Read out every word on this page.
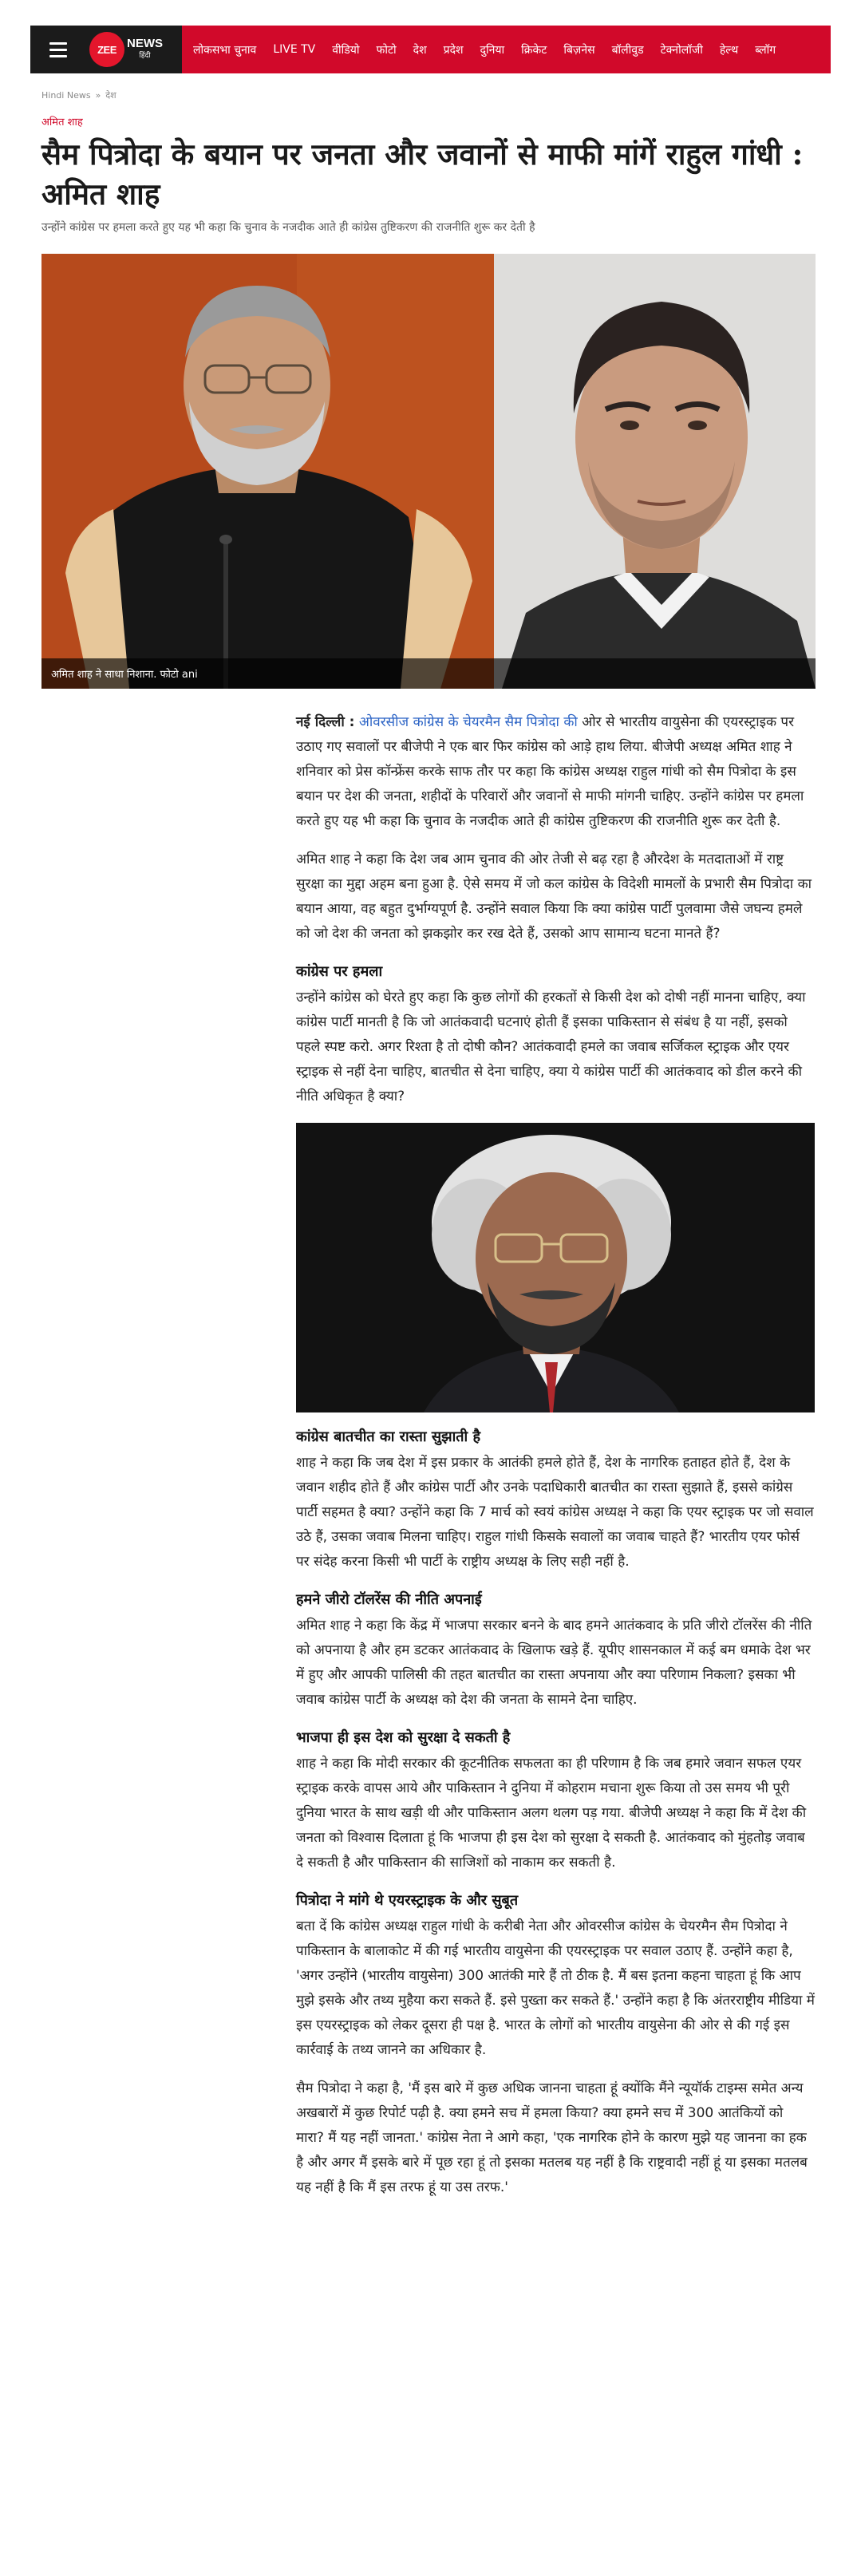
ZEE NEWS
हिंदी	लोकसभा चुनाव LIVE TV वीडियो फोटो देश प्रदेश दुनिया क्रिकेट बिज़नेस बॉलीवुड टेक्नोलॉजी हेल्थ ब्लॉग
Hindi News » देश
अमित शाह
सैम पित्रोदा के बयान पर जनता और जवानों से माफी मांगें राहुल गांधी : अमित शाह
उन्होंने कांग्रेस पर हमला करते हुए यह भी कहा कि चुनाव के नजदीक आते ही कांग्रेस तुष्टिकरण की राजनीति शुरू कर देती है
अमित शाह ने साधा निशाना. फोटो ani

नई दिल्ली : ओवरसीज कांग्रेस के चेयरमैन सैम पित्रोदा की ओर से भारतीय वायुसेना की एयरस्ट्राइक पर उठाए गए सवालों पर बीजेपी ने एक बार फिर कांग्रेस को आड़े हाथ लिया. बीजेपी अध्यक्ष अमित शाह ने शनिवार को प्रेस कॉन्फ्रेंस करके साफ तौर पर कहा कि कांग्रेस अध्यक्ष राहुल गांधी को सैम पित्रोदा के इस बयान पर देश की जनता, शहीदों के परिवारों और जवानों से माफी मांगनी चाहिए. उन्होंने कांग्रेस पर हमला करते हुए यह भी कहा कि चुनाव के नजदीक आते ही कांग्रेस तुष्टिकरण की राजनीति शुरू कर देती है.

अमित शाह ने कहा कि देश जब आम चुनाव की ओर तेजी से बढ़ रहा है औरदेश के मतदाताओं में राष्ट्र सुरक्षा का मुद्दा अहम बना हुआ है. ऐसे समय में जो कल कांग्रेस के विदेशी मामलों के प्रभारी सैम पित्रोदा का बयान आया, वह बहुत दुर्भाग्यपूर्ण है. उन्होंने सवाल किया कि क्या कांग्रेस पार्टी पुलवामा जैसे जघन्य हमले को जो देश की जनता को झकझोर कर रख देते हैं, उसको आप सामान्य घटना मानते हैं?

कांग्रेस पर हमला

उन्होंने कांग्रेस को घेरते हुए कहा कि कुछ लोगों की हरकतों से किसी देश को दोषी नहीं मानना चाहिए, क्या कांग्रेस पार्टी मानती है कि जो आतंकवादी घटनाएं होती हैं इसका पाकिस्तान से संबंध है या नहीं, इसको पहले स्पष्ट करो. अगर रिश्ता है तो दोषी कौन? आतंकवादी हमले का जवाब सर्जिकल स्ट्राइक और एयर स्ट्राइक से नहीं देना चाहिए, बातचीत से देना चाहिए, क्या ये कांग्रेस पार्टी की आतंकवाद को डील करने की नीति अधिकृत है क्या?

कांग्रेस बातचीत का रास्ता सुझाती है

शाह ने कहा कि जब देश में इस प्रकार के आतंकी हमले होते हैं, देश के नागरिक हताहत होते हैं, देश के जवान शहीद होते हैं और कांग्रेस पार्टी और उनके पदाधिकारी बातचीत का रास्ता सुझाते हैं, इससे कांग्रेस पार्टी सहमत है क्या? उन्होंने कहा कि 7 मार्च को स्वयं कांग्रेस अध्यक्ष ने कहा कि एयर स्ट्राइक पर जो सवाल उठे हैं, उसका जवाब मिलना चाहिए। राहुल गांधी किसके सवालों का जवाब चाहते हैं? भारतीय एयर फोर्स पर संदेह करना किसी भी पार्टी के राष्ट्रीय अध्यक्ष के लिए सही नहीं है.

हमने जीरो टॉलरेंस की नीति अपनाई

अमित शाह ने कहा कि केंद्र में भाजपा सरकार बनने के बाद हमने आतंकवाद के प्रति जीरो टॉलरेंस की नीति को अपनाया है और हम डटकर आतंकवाद के खिलाफ खड़े हैं. यूपीए शासनकाल में कई बम धमाके देश भर में हुए और आपकी पालिसी की तहत बातचीत का रास्ता अपनाया और क्या परिणाम निकला? इसका भी जवाब कांग्रेस पार्टी के अध्यक्ष को देश की जनता के सामने देना चाहिए.

भाजपा ही इस देश को सुरक्षा दे सकती है

शाह ने कहा कि मोदी सरकार की कूटनीतिक सफलता का ही परिणाम है कि जब हमारे जवान सफल एयर स्ट्राइक करके वापस आये और पाकिस्तान ने दुनिया में कोहराम मचाना शुरू किया तो उस समय भी पूरी दुनिया भारत के साथ खड़ी थी और पाकिस्तान अलग थलग पड़ गया. बीजेपी अध्यक्ष ने कहा कि में देश की जनता को विश्वास दिलाता हूं कि भाजपा ही इस देश को सुरक्षा दे सकती है. आतंकवाद को मुंहतोड़ जवाब दे सकती है और पाकिस्तान की साजिशों को नाकाम कर सकती है.

पित्रोदा ने मांगे थे एयरस्ट्राइक के और सुबूत

बता दें कि कांग्रेस अध्यक्ष राहुल गांधी के करीबी नेता और ओवरसीज कांग्रेस के चेयरमैन सैम पित्रोदा ने पाकिस्तान के बालाकोट में की गई भारतीय वायुसेना की एयरस्ट्राइक पर सवाल उठाए हैं. उन्होंने कहा है, 'अगर उन्होंने (भारतीय वायुसेना) 300 आतंकी मारे हैं तो ठीक है. मैं बस इतना कहना चाहता हूं कि आप मुझे इसके और तथ्य मुहैया करा सकते हैं. इसे पुख्ता कर सकते हैं.' उन्होंने कहा है कि अंतरराष्ट्रीय मीडिया में इस एयरस्ट्राइक को लेकर दूसरा ही पक्ष है. भारत के लोगों को भारतीय वायुसेना की ओर से की गई इस कार्रवाई के तथ्य जानने का अधिकार है.

सैम पित्रोदा ने कहा है, 'मैं इस बारे में कुछ अधिक जानना चाहता हूं क्योंकि मैंने न्यूयॉर्क टाइम्स समेत अन्य अखबारों में कुछ रिपोर्ट पढ़ी है. क्या हमने सच में हमला किया? क्या हमने सच में 300 आतंकियों को मारा? मैं यह नहीं जानता.' कांग्रेस नेता ने आगे कहा, 'एक नागरिक होने के कारण मुझे यह जानना का हक है और अगर मैं इसके बारे में पूछ रहा हूं तो इसका मतलब यह नहीं है कि राष्ट्रवादी नहीं हूं या इसका मतलब यह नहीं है कि मैं इस तरफ हूं या उस तरफ.'
